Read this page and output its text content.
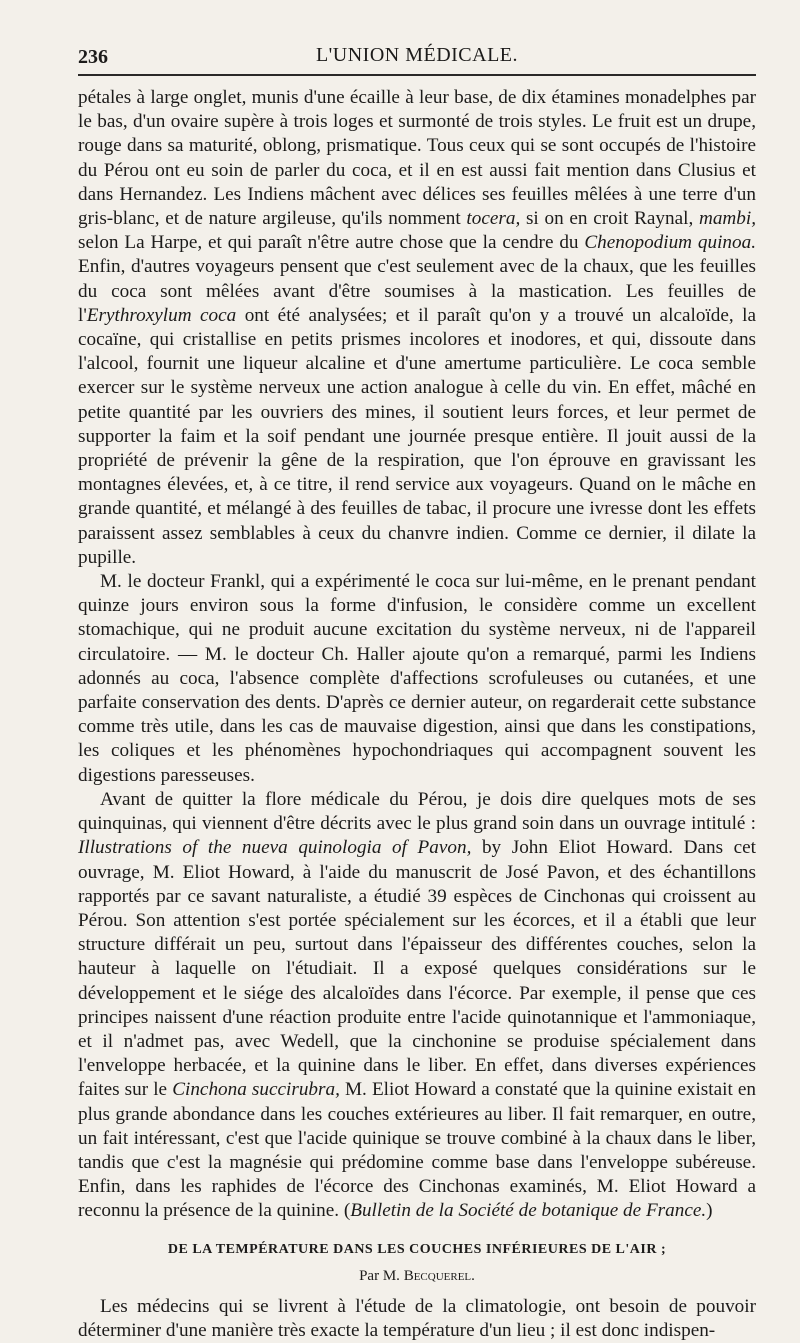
236	L'UNION MÉDICALE.

pétales à large onglet, munis d'une écaille à leur base, de dix étamines monadelphes par le bas, d'un ovaire supère à trois loges et surmonté de trois styles. Le fruit est un drupe, rouge dans sa maturité, oblong, prismatique. Tous ceux qui se sont occupés de l'histoire du Pérou ont eu soin de parler du coca, et il en est aussi fait mention dans Clusius et dans Hernandez. Les Indiens mâchent avec délices ses feuilles mêlées à une terre d'un gris-blanc, et de nature argileuse, qu'ils nomment tocera, si on en croit Raynal, mambi, selon La Harpe, et qui paraît n'être autre chose que la cendre du Chenopodium quinoa. Enfin, d'autres voyageurs pensent que c'est seulement avec de la chaux, que les feuilles du coca sont mêlées avant d'être soumises à la mastication. Les feuilles de l'Erythroxylum coca ont été analysées; et il paraît qu'on y a trouvé un alcaloïde, la cocaïne, qui cristallise en petits prismes incolores et inodores, et qui, dissoute dans l'alcool, fournit une liqueur alcaline et d'une amertume particulière. Le coca semble exercer sur le système nerveux une action analogue à celle du vin. En effet, mâché en petite quantité par les ouvriers des mines, il soutient leurs forces, et leur permet de supporter la faim et la soif pendant une journée presque entière. Il jouit aussi de la propriété de prévenir la gêne de la respiration, que l'on éprouve en gravissant les montagnes élevées, et, à ce titre, il rend service aux voyageurs. Quand on le mâche en grande quantité, et mélangé à des feuilles de tabac, il procure une ivresse dont les effets paraissent assez semblables à ceux du chanvre indien. Comme ce dernier, il dilate la pupille.

M. le docteur Frankl, qui a expérimenté le coca sur lui-même, en le prenant pendant quinze jours environ sous la forme d'infusion, le considère comme un excellent stomachique, qui ne produit aucune excitation du système nerveux, ni de l'appareil circulatoire. — M. le docteur Ch. Haller ajoute qu'on a remarqué, parmi les Indiens adonnés au coca, l'absence complète d'affections scrofuleuses ou cutanées, et une parfaite conservation des dents. D'après ce dernier auteur, on regarderait cette substance comme très utile, dans les cas de mauvaise digestion, ainsi que dans les constipations, les coliques et les phénomènes hypochondriaques qui accompagnent souvent les digestions paresseuses.

Avant de quitter la flore médicale du Pérou, je dois dire quelques mots de ses quinquinas, qui viennent d'être décrits avec le plus grand soin dans un ouvrage intitulé : Illustrations of the nueva quinologia of Pavon, by John Eliot Howard. Dans cet ouvrage, M. Eliot Howard, à l'aide du manuscrit de José Pavon, et des échantillons rapportés par ce savant naturaliste, a étudié 39 espèces de Cinchonas qui croissent au Pérou. Son attention s'est portée spécialement sur les écorces, et il a établi que leur structure différait un peu, surtout dans l'épaisseur des différentes couches, selon la hauteur à laquelle on l'étudiait. Il a exposé quelques considérations sur le développement et le siége des alcaloïdes dans l'écorce. Par exemple, il pense que ces principes naissent d'une réaction produite entre l'acide quinotannique et l'ammoniaque, et il n'admet pas, avec Wedell, que la cinchonine se produise spécialement dans l'enveloppe herbacée, et la quinine dans le liber. En effet, dans diverses expériences faites sur le Cinchona succirubra, M. Eliot Howard a constaté que la quinine existait en plus grande abondance dans les couches extérieures au liber. Il fait remarquer, en outre, un fait intéressant, c'est que l'acide quinique se trouve combiné à la chaux dans le liber, tandis que c'est la magnésie qui prédomine comme base dans l'enveloppe subéreuse. Enfin, dans les raphides de l'écorce des Cinchonas examinés, M. Eliot Howard a reconnu la présence de la quinine. (Bulletin de la Société de botanique de France.)

DE LA TEMPÉRATURE DANS LES COUCHES INFÉRIEURES DE L'AIR ;
Par M. Becquerel.

Les médecins qui se livrent à l'étude de la climatologie, ont besoin de pouvoir déterminer d'une manière très exacte la température d'un lieu ; il est donc indispen-
